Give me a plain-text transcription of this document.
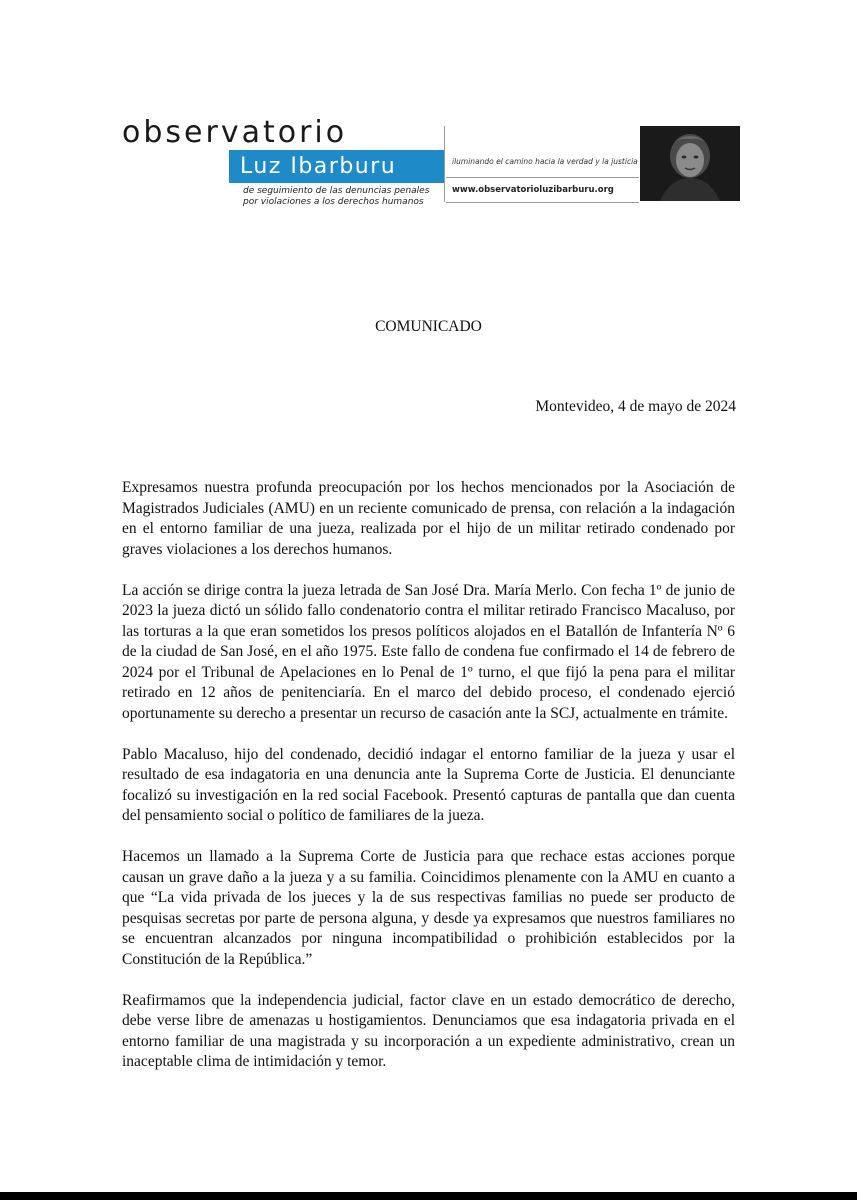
observatorio
Luz Ibarburu
de seguimiento de las denuncias penales
por violaciones a los derechos humanos
iluminando el camino hacia la verdad y la justicia
www.observatorioluzibarburu.org
COMUNICADO
Montevideo, 4 de mayo de 2024

Expresamos nuestra profunda preocupación por los hechos mencionados por la Asociación de Magistrados Judiciales (AMU) en un reciente comunicado de prensa, con relación a la indagación en el entorno familiar de una jueza, realizada por el hijo de un militar retirado condenado por graves violaciones a los derechos humanos.

La acción se dirige contra la jueza letrada de San José Dra. María Merlo. Con fecha 1º de junio de 2023 la jueza dictó un sólido fallo condenatorio contra el militar retirado Francisco Macaluso, por las torturas a la que eran sometidos los presos políticos alojados en el Batallón de Infantería Nº 6 de la ciudad de San José, en el año 1975. Este fallo de condena fue confirmado el 14 de febrero de 2024 por el Tribunal de Apelaciones en lo Penal de 1º turno, el que fijó la pena para el militar retirado en 12 años de penitenciaría. En el marco del debido proceso, el condenado ejerció oportunamente su derecho a presentar un recurso de casación ante la SCJ, actualmente en trámite.

Pablo Macaluso, hijo del condenado, decidió indagar el entorno familiar de la jueza y usar el resultado de esa indagatoria en una denuncia ante la Suprema Corte de Justicia. El denunciante focalizó su investigación en la red social Facebook. Presentó capturas de pantalla que dan cuenta del pensamiento social o político de familiares de la jueza.

Hacemos un llamado a la Suprema Corte de Justicia para que rechace estas acciones porque causan un grave daño a la jueza y a su familia. Coincidimos plenamente con la AMU en cuanto a que “La vida privada de los jueces y la de sus respectivas familias no puede ser producto de pesquisas secretas por parte de persona alguna, y desde ya expresamos que nuestros familiares no se encuentran alcanzados por ninguna incompatibilidad o prohibición establecidos por la Constitución de la República.”

Reafirmamos que la independencia judicial, factor clave en un estado democrático de derecho, debe verse libre de amenazas u hostigamientos. Denunciamos que esa indagatoria privada en el entorno familiar de una magistrada y su incorporación a un expediente administrativo, crean un inaceptable clima de intimidación y temor.
